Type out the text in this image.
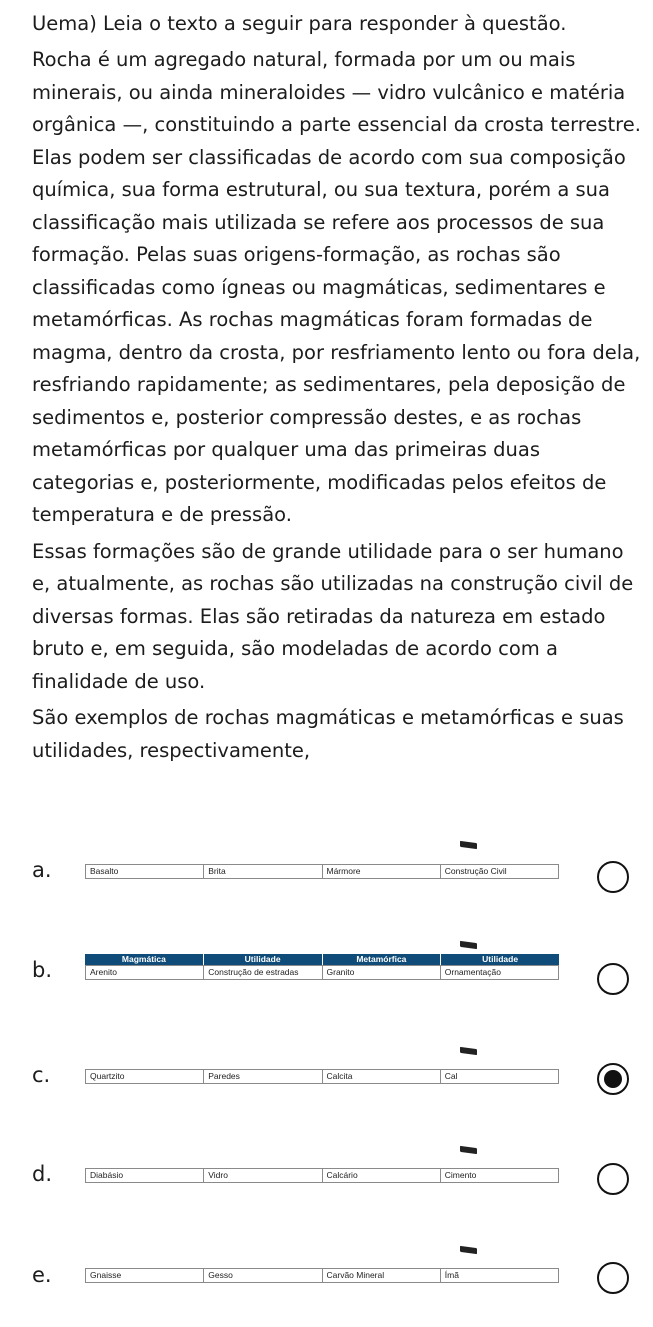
Uema) Leia o texto a seguir para responder à questão.

Rocha é um agregado natural, formada por um ou mais minerais, ou ainda mineraloides — vidro vulcânico e matéria orgânica —, constituindo a parte essencial da crosta terrestre. Elas podem ser classificadas de acordo com sua composição química, sua forma estrutural, ou sua textura, porém a sua classificação mais utilizada se refere aos processos de sua formação. Pelas suas origens-formação, as rochas são classificadas como ígneas ou magmáticas, sedimentares e metamórficas. As rochas magmáticas foram formadas de magma, dentro da crosta, por resfriamento lento ou fora dela, resfriando rapidamente; as sedimentares, pela deposição de sedimentos e, posterior compressão destes, e as rochas metamórficas por qualquer uma das primeiras duas categorias e, posteriormente, modificadas pelos efeitos de temperatura e de pressão.

Essas formações são de grande utilidade para o ser humano e, atualmente, as rochas são utilizadas na construção civil de diversas formas. Elas são retiradas da natureza em estado bruto e, em seguida, são modeladas de acordo com a finalidade de uso.

São exemplos de rochas magmáticas e metamórficas e suas utilidades, respectivamente,

a.	Basalto	Brita	Mármore	Construção Civil
b.	Magmática	Utilidade	Metamórfica	Utilidade
Arenito	Construção de estradas	Granito	Ornamentação
c.	Quartzito	Paredes	Calcita	Cal
d.	Diabásio	Vidro	Calcário	Cimento
e.	Gnaisse	Gesso	Carvão Mineral	Ímã
